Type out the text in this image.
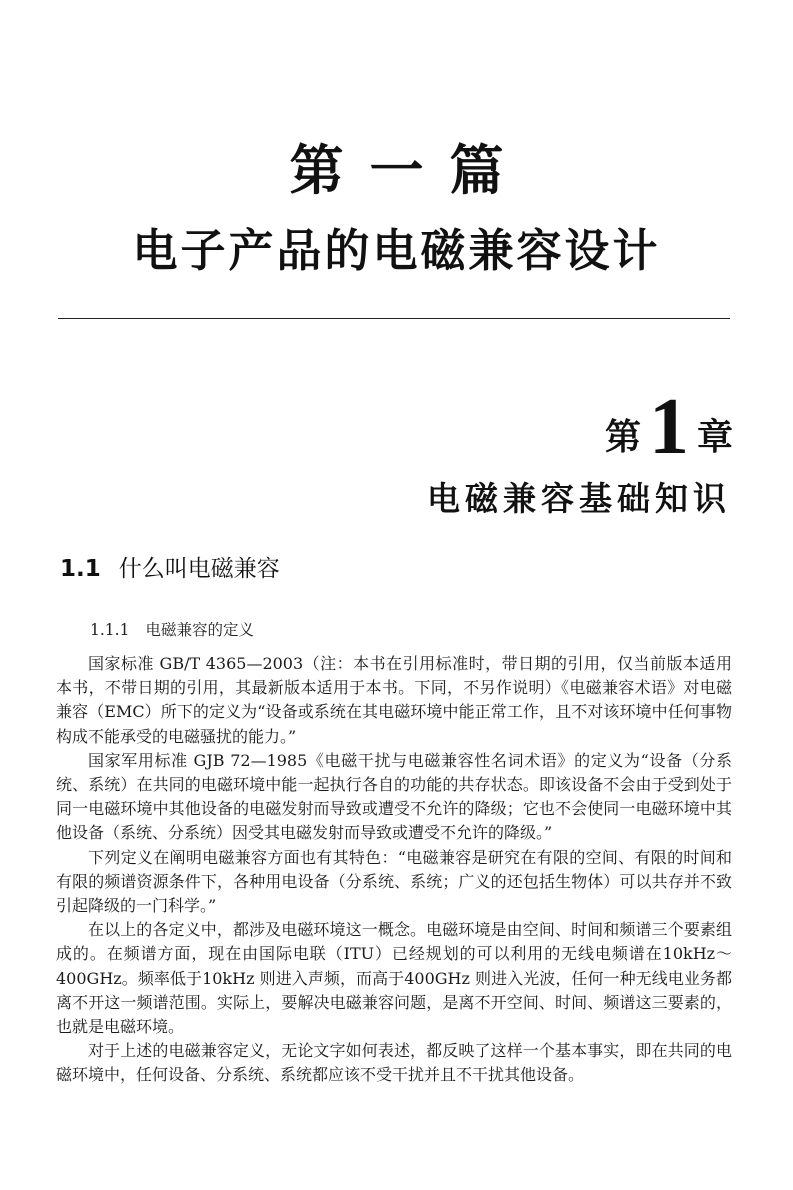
第一篇
电子产品的电磁兼容设计
第 1 章
电磁兼容基础知识
1.1 什么叫电磁兼容
1.1.1 电磁兼容的定义

国家标准 GB/T 4365—2003（注：本书在引用标准时，带日期的引用，仅当前版本适用本书，不带日期的引用，其最新版本适用于本书。下同，不另作说明）《电磁兼容术语》对电磁兼容（EMC）所下的定义为“设备或系统在其电磁环境中能正常工作，且不对该环境中任何事物构成不能承受的电磁骚扰的能力。”

国家军用标准 GJB 72—1985《电磁干扰与电磁兼容性名词术语》的定义为“设备（分系统、系统）在共同的电磁环境中能一起执行各自的功能的共存状态。即该设备不会由于受到处于同一电磁环境中其他设备的电磁发射而导致或遭受不允许的降级；它也不会使同一电磁环境中其他设备（系统、分系统）因受其电磁发射而导致或遭受不允许的降级。”

下列定义在阐明电磁兼容方面也有其特色：“电磁兼容是研究在有限的空间、有限的时间和有限的频谱资源条件下，各种用电设备（分系统、系统；广义的还包括生物体）可以共存并不致引起降级的一门科学。”

在以上的各定义中，都涉及电磁环境这一概念。电磁环境是由空间、时间和频谱三个要素组成的。在频谱方面，现在由国际电联（ITU）已经规划的可以利用的无线电频谱在10kHz～400GHz。频率低于10kHz 则进入声频，而高于400GHz 则进入光波，任何一种无线电业务都离不开这一频谱范围。实际上，要解决电磁兼容问题，是离不开空间、时间、频谱这三要素的，也就是电磁环境。

对于上述的电磁兼容定义，无论文字如何表述，都反映了这样一个基本事实，即在共同的电磁环境中，任何设备、分系统、系统都应该不受干扰并且不干扰其他设备。
